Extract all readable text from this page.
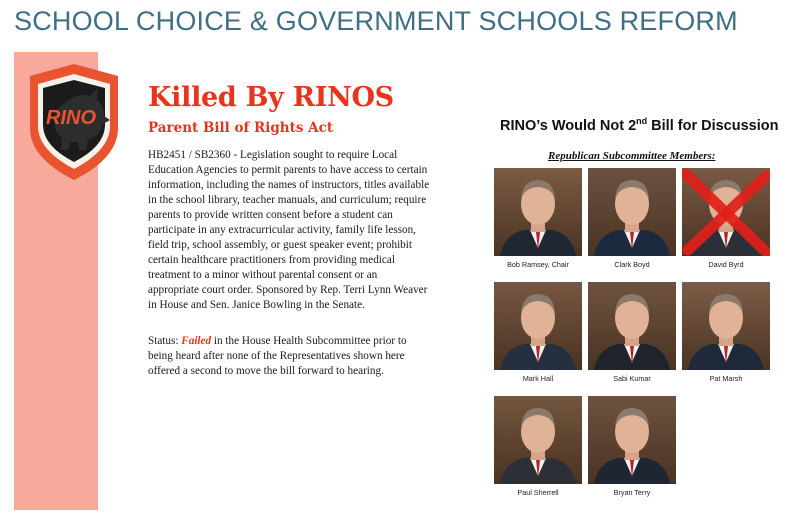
SCHOOL CHOICE & GOVERNMENT SCHOOLS REFORM
RINO
Killed By RINOS
Parent Bill of Rights Act

HB2451 / SB2360 - Legislation sought to require Local Education Agencies to permit parents to have access to certain information, including the names of instructors, titles available in the school library, teacher manuals, and curriculum; require parents to provide written consent before a student can participate in any extracurricular activity, family life lesson, field trip, school assembly, or guest speaker event; prohibit certain healthcare practitioners from providing medical treatment to a minor without parental consent or an appropriate court order. Sponsored by Rep. Terri Lynn Weaver in House and Sen. Janice Bowling in the Senate.

Status: Failed in the House Health Subcommittee prior to being heard after none of the Representatives shown here offered a second to move the bill forward to hearing.

RINO’s Would Not 2nd Bill for Discussion
Republican Subcommittee Members:
Bob Ramsey, Chair	Clark Boyd	David Byrd
Mark Hall	Sabi Kumar	Pat Marsh
Paul Sherrell	Bryan Terry
